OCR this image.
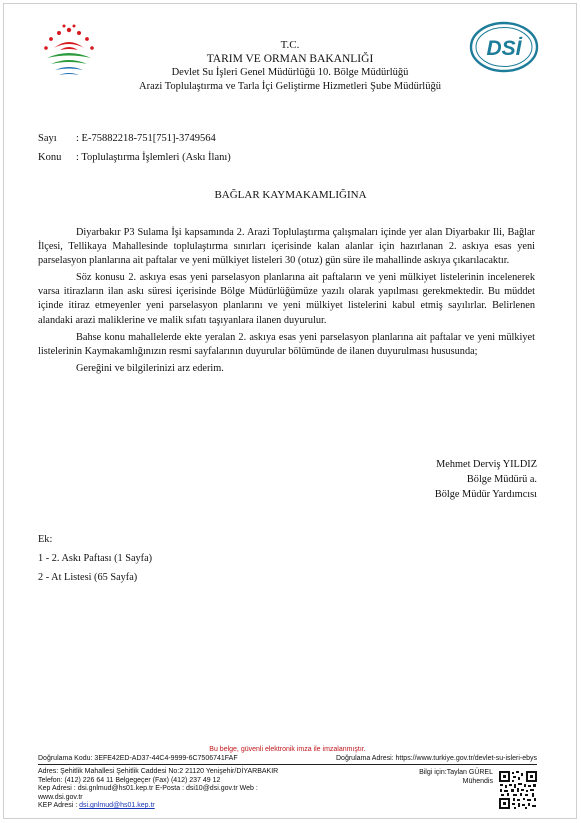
DSİ
T.C.
TARIM VE ORMAN BAKANLIĞI
Devlet Su İşleri Genel Müdürlüğü 10. Bölge Müdürlüğü
Arazi Toplulaştırma ve Tarla İçi Geliştirme Hizmetleri Şube Müdürlüğü
Sayı	: E-75882218-751[751]-3749564
Konu	: Toplulaştırma İşlemleri (Askı İlanı)
BAĞLAR KAYMAKAMLIĞINA

Diyarbakır P3 Sulama İşi kapsamında 2. Arazi Toplulaştırma çalışmaları içinde yer alan Diyarbakır Ili, Bağlar İlçesi, Tellikaya Mahallesinde toplulaştırma sınırları içerisinde kalan alanlar için hazırlanan 2. askıya esas yeni parselasyon planlarına ait paftalar ve yeni mülkiyet listeleri 30 (otuz) gün süre ile mahallinde askıya çıkarılacaktır.

Söz konusu 2. askıya esas yeni parselasyon planlarına ait paftaların ve yeni mülkiyet listelerinin incelenerek varsa itirazların ilan askı süresi içerisinde Bölge Müdürlüğümüze yazılı olarak yapılması gerekmektedir. Bu müddet içinde itiraz etmeyenler yeni parselasyon planlarını ve yeni mülkiyet listelerini kabul etmiş sayılırlar. Belirlenen alandaki arazi maliklerine ve malik sıfatı taşıyanlara ilanen duyurulur.

Bahse konu mahallelerde ekte yeralan 2. askıya esas yeni parselasyon planlarına ait paftalar ve yeni mülkiyet listelerinin Kaymakamlığınızın resmi sayfalarının duyurular bölümünde de ilanen duyurulması hususunda;

Gereğini ve bilgilerinizi arz ederim.

Mehmet Derviş YILDIZ
Bölge Müdürü a.
Bölge Müdür Yardımcısı
Ek:
1 - 2. Askı Paftası (1 Sayfa)
2 - At Listesi (65 Sayfa)
Bu belge, güvenli elektronik imza ile imzalanmıştır.
Doğrulama Kodu: 3EFE42ED-AD37-44C4-9999-6C7506741FAF	Doğrulama Adresi: https://www.turkiye.gov.tr/devlet-su-isleri-ebys
Adres: Şehitlik Mahallesi Şehitlik Caddesi No:2 21120 Yenişehir/DİYARBAKIR
Telefon: (412) 226 64 11 Belgegeçer (Fax) (412) 237 49 12
Kep Adresi : dsi.gnlmud@hs01.kep.tr E-Posta : dsi10@dsi.gov.tr Web :
www.dsi.gov.tr
KEP Adresi : dsi.gnlmud@hs01.kep.tr
Bilgi için:Taylan GÜREL
Mühendis
